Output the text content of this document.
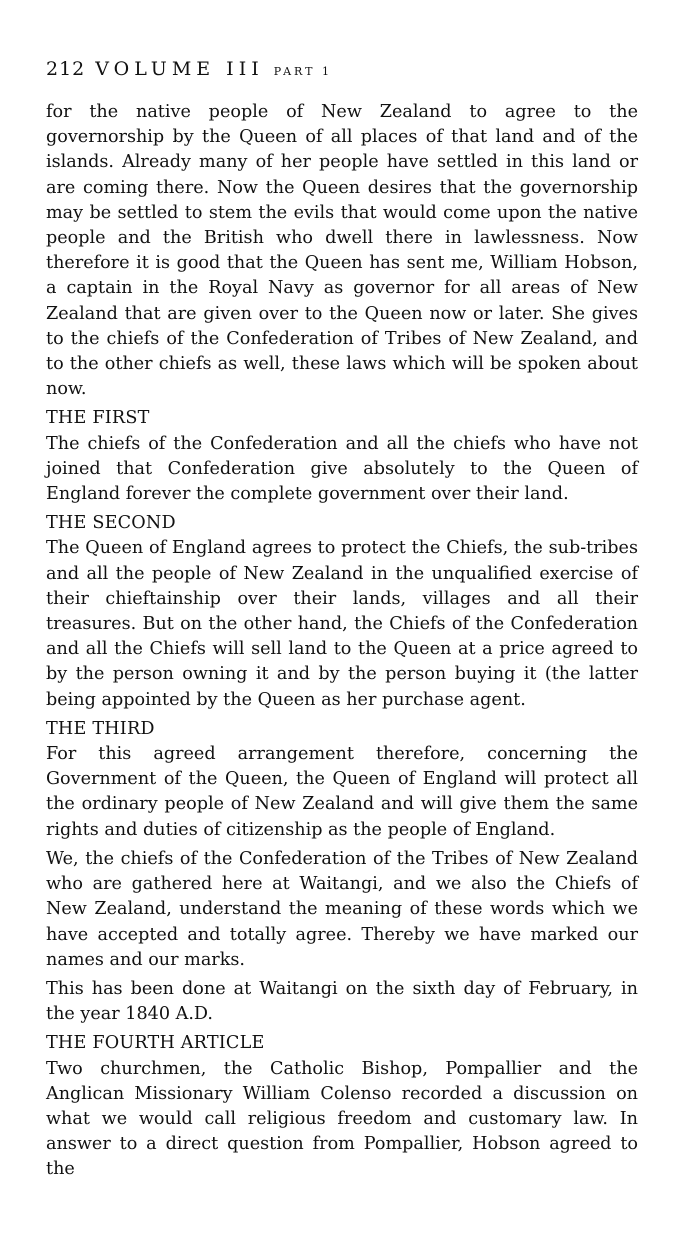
212 VOLUME III PART 1

for the native people of New Zealand to agree to the governorship by the Queen of all places of that land and of the islands. Already many of her people have settled in this land or are coming there. Now the Queen desires that the governorship may be settled to stem the evils that would come upon the native people and the British who dwell there in lawlessness. Now therefore it is good that the Queen has sent me, William Hobson, a captain in the Royal Navy as governor for all areas of New Zealand that are given over to the Queen now or later. She gives to the chiefs of the Confederation of Tribes of New Zealand, and to the other chiefs as well, these laws which will be spoken about now.

THE FIRST

The chiefs of the Confederation and all the chiefs who have not joined that Confederation give absolutely to the Queen of England forever the complete government over their land.

THE SECOND

The Queen of England agrees to protect the Chiefs, the sub-tribes and all the people of New Zealand in the unqualified exercise of their chieftainship over their lands, villages and all their treasures. But on the other hand, the Chiefs of the Confederation and all the Chiefs will sell land to the Queen at a price agreed to by the person owning it and by the person buying it (the latter being appointed by the Queen as her purchase agent.

THE THIRD

For this agreed arrangement therefore, concerning the Government of the Queen, the Queen of England will protect all the ordinary people of New Zealand and will give them the same rights and duties of citizenship as the people of England.

We, the chiefs of the Confederation of the Tribes of New Zealand who are gathered here at Waitangi, and we also the Chiefs of New Zealand, understand the meaning of these words which we have accepted and totally agree. Thereby we have marked our names and our marks.

This has been done at Waitangi on the sixth day of February, in the year 1840 A.D.

THE FOURTH ARTICLE

Two churchmen, the Catholic Bishop, Pompallier and the Anglican Missionary William Colenso recorded a discussion on what we would call religious freedom and customary law. In answer to a direct question from Pompallier, Hobson agreed to the
